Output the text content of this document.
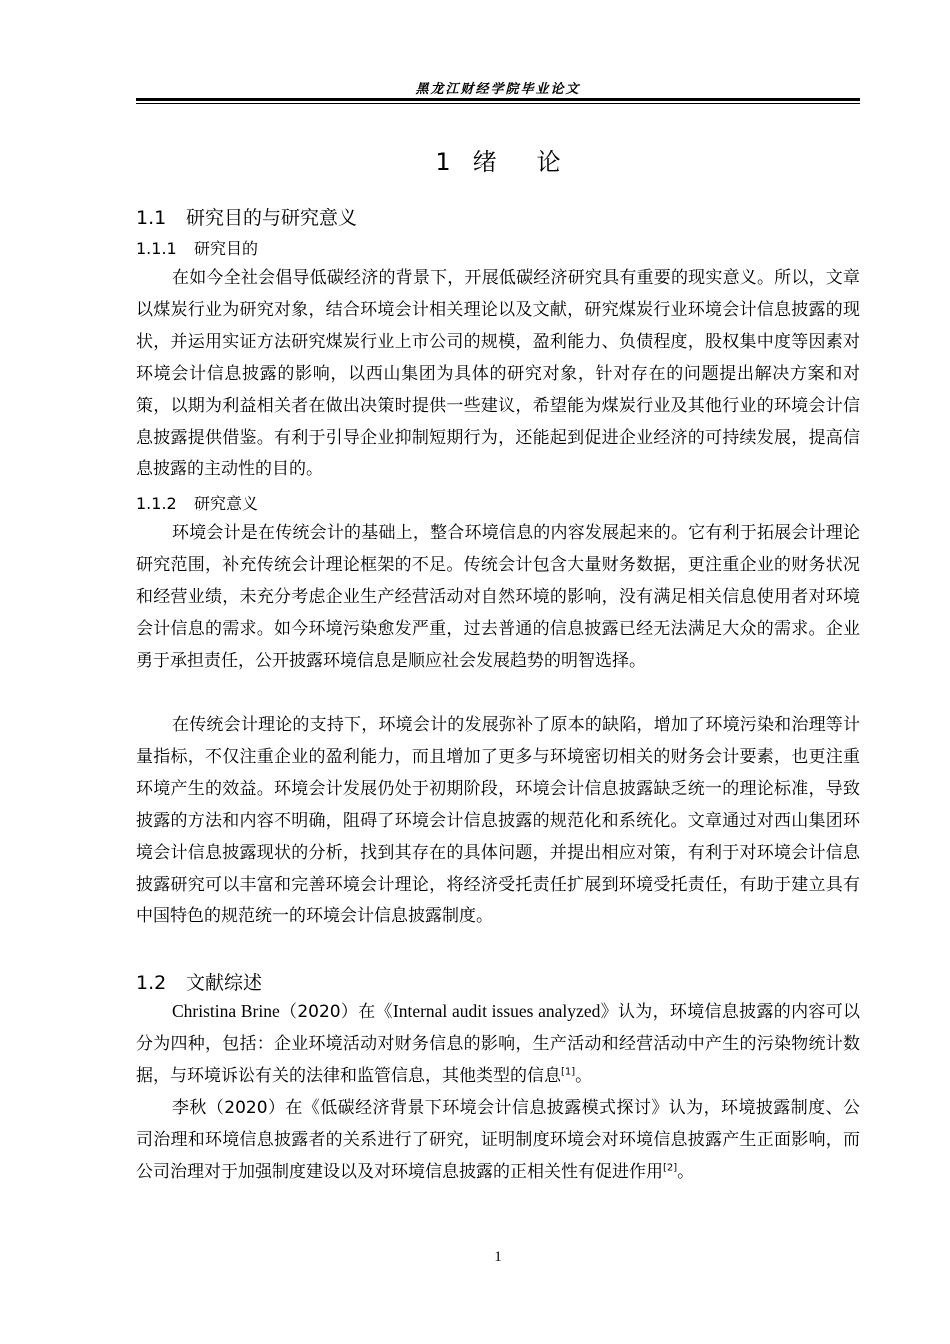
黑龙江财经学院毕业论文
1 绪 论
1.1 研究目的与研究意义
1.1.1 研究目的

在如今全社会倡导低碳经济的背景下，开展低碳经济研究具有重要的现实意义。所以，文章以煤炭行业为研究对象，结合环境会计相关理论以及文献，研究煤炭行业环境会计信息披露的现状，并运用实证方法研究煤炭行业上市公司的规模，盈利能力、负债程度，股权集中度等因素对环境会计信息披露的影响，以西山集团为具体的研究对象，针对存在的问题提出解决方案和对策，以期为利益相关者在做出决策时提供一些建议，希望能为煤炭行业及其他行业的环境会计信息披露提供借鉴。有利于引导企业抑制短期行为，还能起到促进企业经济的可持续发展，提高信息披露的主动性的目的。

1.1.2 研究意义

环境会计是在传统会计的基础上，整合环境信息的内容发展起来的。它有利于拓展会计理论研究范围，补充传统会计理论框架的不足。传统会计包含大量财务数据，更注重企业的财务状况和经营业绩，未充分考虑企业生产经营活动对自然环境的影响，没有满足相关信息使用者对环境会计信息的需求。如今环境污染愈发严重，过去普通的信息披露已经无法满足大众的需求。企业勇于承担责任，公开披露环境信息是顺应社会发展趋势的明智选择。

在传统会计理论的支持下，环境会计的发展弥补了原本的缺陷，增加了环境污染和治理等计量指标，不仅注重企业的盈利能力，而且增加了更多与环境密切相关的财务会计要素，也更注重环境产生的效益。环境会计发展仍处于初期阶段，环境会计信息披露缺乏统一的理论标准，导致披露的方法和内容不明确，阻碍了环境会计信息披露的规范化和系统化。文章通过对西山集团环境会计信息披露现状的分析，找到其存在的具体问题，并提出相应对策，有利于对环境会计信息披露研究可以丰富和完善环境会计理论，将经济受托责任扩展到环境受托责任，有助于建立具有中国特色的规范统一的环境会计信息披露制度。

1.2 文献综述

Christina Brine（2020）在《Internal audit issues analyzed》认为，环境信息披露的内容可以分为四种，包括：企业环境活动对财务信息的影响，生产活动和经营活动中产生的污染物统计数据，与环境诉讼有关的法律和监管信息，其他类型的信息[1]。

李秋（2020）在《低碳经济背景下环境会计信息披露模式探讨》认为，环境披露制度、公司治理和环境信息披露者的关系进行了研究，证明制度环境会对环境信息披露产生正面影响，而公司治理对于加强制度建设以及对环境信息披露的正相关性有促进作用[2]。

1
